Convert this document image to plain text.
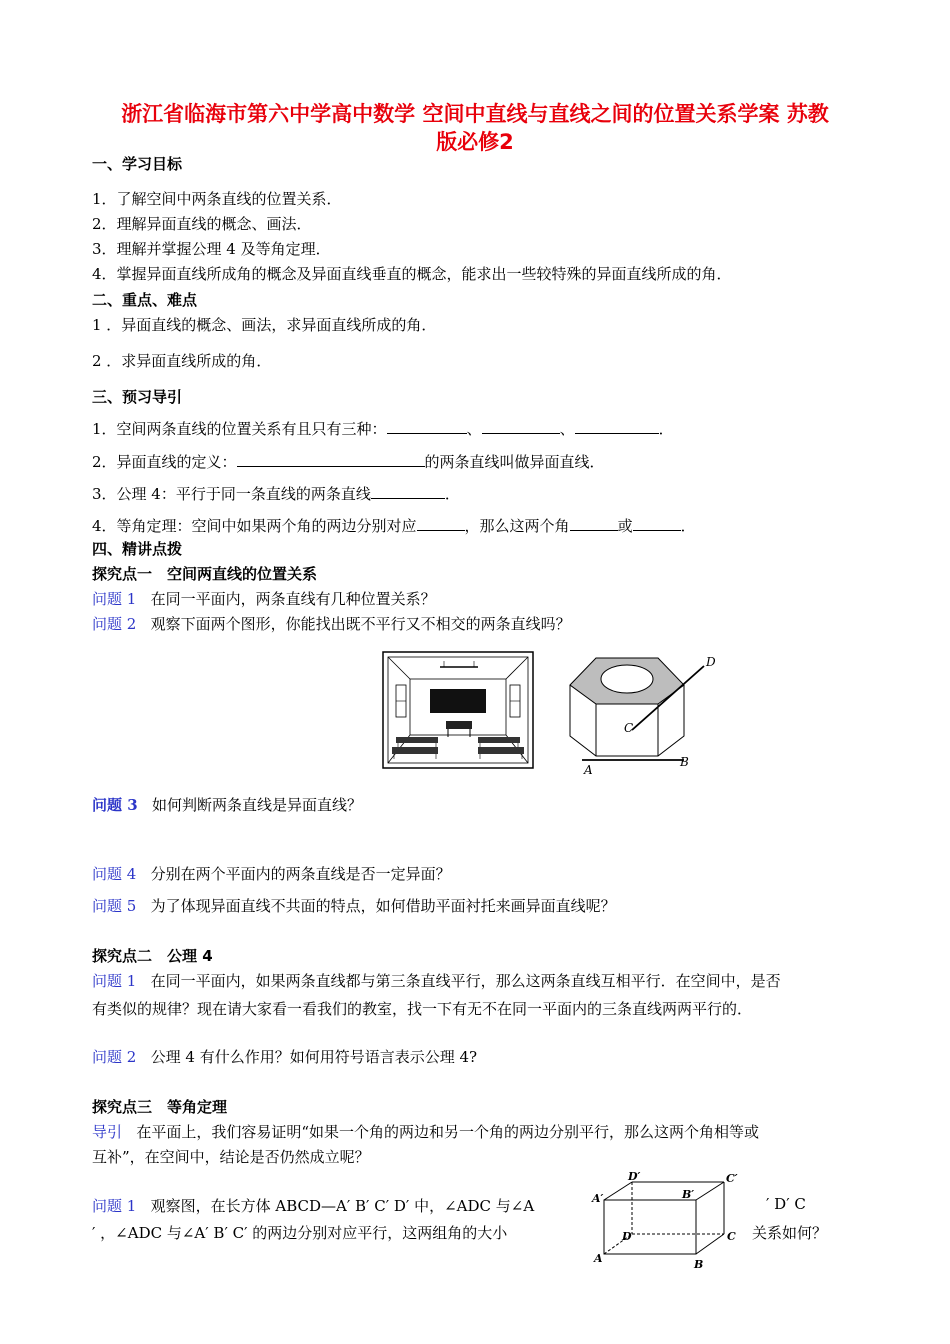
浙江省临海市第六中学高中数学 空间中直线与直线之间的位置关系学案 苏教
版必修2
一、学习目标
1．了解空间中两条直线的位置关系．
2．理解异面直线的概念、画法．
3．理解并掌握公理 4 及等角定理．
4．掌握异面直线所成角的概念及异面直线垂直的概念，能求出一些较特殊的异面直线所成的角．
二、重点、难点
1 ．异面直线的概念、画法，求异面直线所成的角．
2 ．求异面直线所成的角．
三、预习导引
1．空间两条直线的位置关系有且只有三种：	、	、	．
2．异面直线的定义：	的两条直线叫做异面直线．
3．公理 4：平行于同一条直线的两条直线	．
4．等角定理：空间中如果两个角的两边分别对应	，那么这两个角	或	．
四、精讲点拨
探究点一　空间两直线的位置关系
问题 1 在同一平面内，两条直线有几种位置关系？
问题 2 观察下面两个图形，你能找出既不平行又不相交的两条直线吗？
D
C
A
B
问题 3 如何判断两条直线是异面直线？
问题 4 分别在两个平面内的两条直线是否一定异面？
问题 5 为了体现异面直线不共面的特点，如何借助平面衬托来画异面直线呢？
探究点二　公理 4
问题 1 在同一平面内，如果两条直线都与第三条直线平行，那么这两条直线互相平行．在空间中，是否
有类似的规律？现在请大家看一看我们的教室，找一下有无不在同一平面内的三条直线两两平行的．
问题 2 公理 4 有什么作用？如何用符号语言表示公理 4?
探究点三　等角定理
导引 在平面上，我们容易证明“如果一个角的两边和另一个角的两边分别平行，那么这两个角相等或
互补”，在空间中，结论是否仍然成立呢？
问题 1 观察图，在长方体 ABCD—A′ B′ C′ D′ 中，∠ADC 与∠A	′ D′ C
′ ，∠ADC 与∠A′ B′ C′ 的两边分别对应平行，这两组角的大小	关系如何？
D′	C′
A′	B′
D	C
A	B
